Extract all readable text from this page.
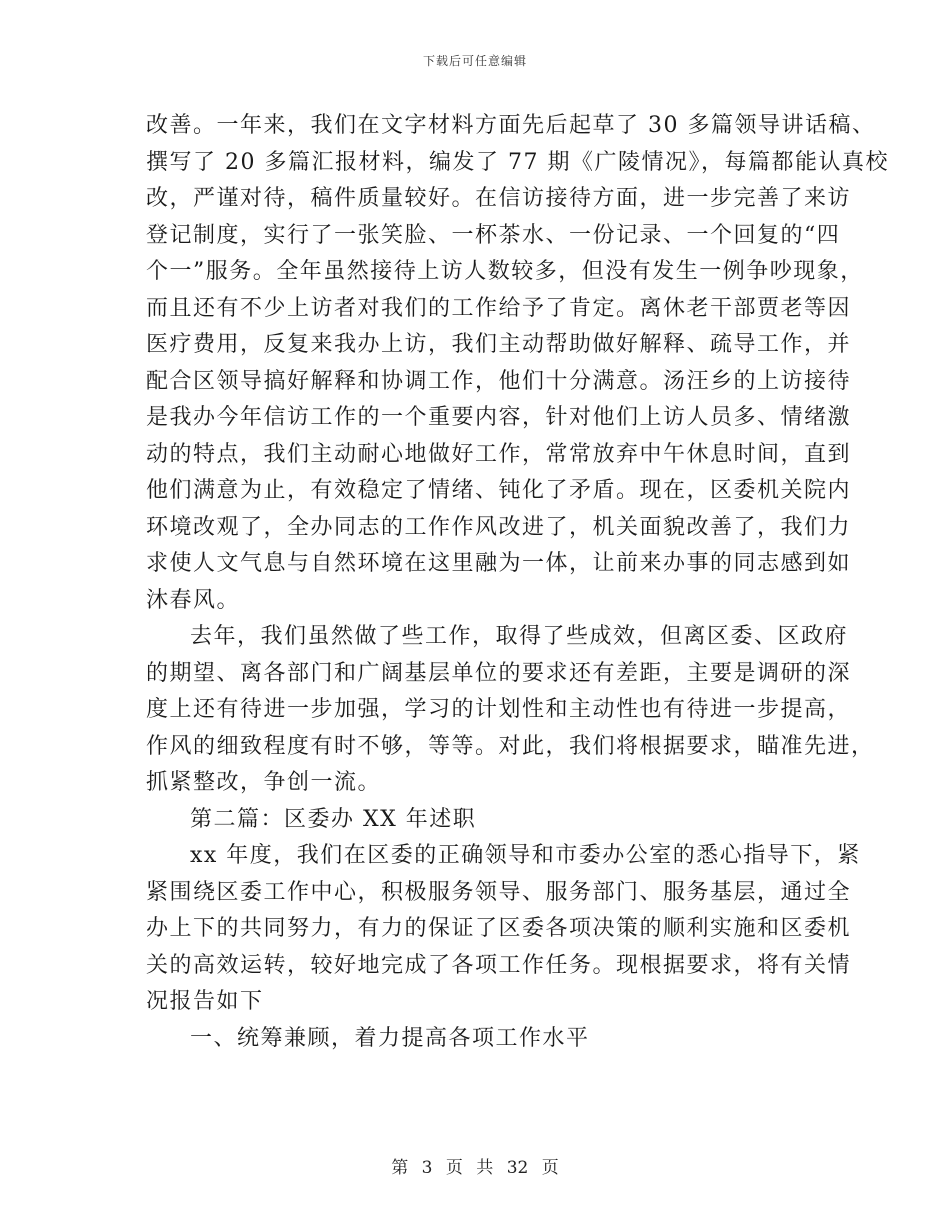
下载后可任意编辑
改善。一年来，我们在文字材料方面先后起草了 30 多篇领导讲话稿、
撰写了 20 多篇汇报材料，编发了 77 期《广陵情况》，每篇都能认真校
改，严谨对待，稿件质量较好。在信访接待方面，进一步完善了来访
登记制度，实行了一张笑脸、一杯茶水、一份记录、一个回复的“四
个一”服务。全年虽然接待上访人数较多，但没有发生一例争吵现象，
而且还有不少上访者对我们的工作给予了肯定。离休老干部贾老等因
医疗费用，反复来我办上访，我们主动帮助做好解释、疏导工作，并
配合区领导搞好解释和协调工作，他们十分满意。汤汪乡的上访接待
是我办今年信访工作的一个重要内容，针对他们上访人员多、情绪激
动的特点，我们主动耐心地做好工作，常常放弃中午休息时间，直到
他们满意为止，有效稳定了情绪、钝化了矛盾。现在，区委机关院内
环境改观了，全办同志的工作作风改进了，机关面貌改善了，我们力
求使人文气息与自然环境在这里融为一体，让前来办事的同志感到如
沐春风。
去年，我们虽然做了些工作，取得了些成效，但离区委、区政府
的期望、离各部门和广阔基层单位的要求还有差距，主要是调研的深
度上还有待进一步加强，学习的计划性和主动性也有待进一步提高，
作风的细致程度有时不够，等等。对此，我们将根据要求，瞄准先进，
抓紧整改，争创一流。
第二篇：区委办 XX 年述职
xx 年度，我们在区委的正确领导和市委办公室的悉心指导下，紧
紧围绕区委工作中心，积极服务领导、服务部门、服务基层，通过全
办上下的共同努力，有力的保证了区委各项决策的顺利实施和区委机
关的高效运转，较好地完成了各项工作任务。现根据要求，将有关情
况报告如下
一、统筹兼顾，着力提高各项工作水平
第 3 页 共 32 页
